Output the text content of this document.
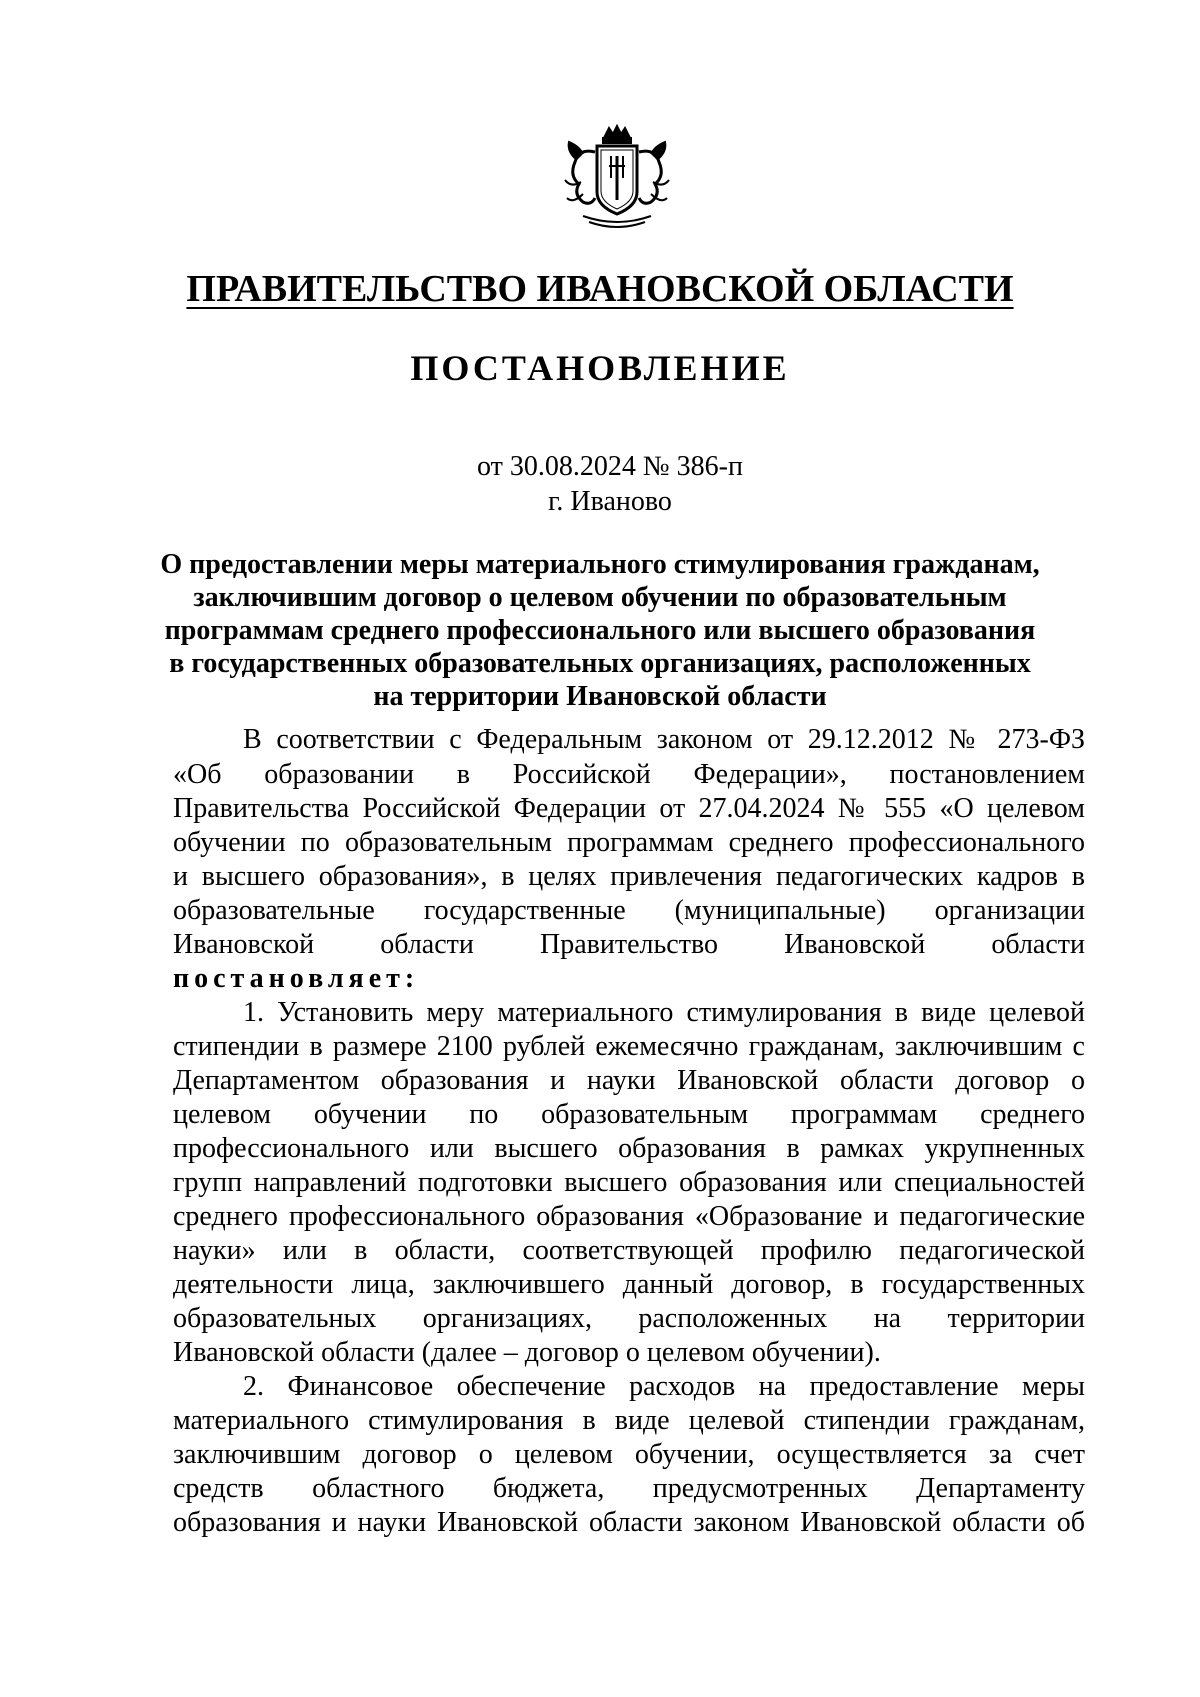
ПРАВИТЕЛЬСТВО ИВАНОВСКОЙ ОБЛАСТИ
ПОСТАНОВЛЕНИЕ
от 30.08.2024 № 386-п
г. Иваново
О предоставлении меры материального стимулирования гражданам,
заключившим договор о целевом обучении по образовательным
программам среднего профессионального или высшего образования
в государственных образовательных организациях, расположенных
на территории Ивановской области
В соответствии с Федеральным законом от 29.12.2012 № 273-ФЗ
«Об образовании в Российской Федерации», постановлением
Правительства Российской Федерации от 27.04.2024 № 555 «О целевом
обучении по образовательным программам среднего профессионального
и высшего образования», в целях привлечения педагогических кадров в
образовательные государственные (муниципальные) организации
Ивановской области Правительство Ивановской области
постановляет:
1. Установить меру материального стимулирования в виде целевой
стипендии в размере 2100 рублей ежемесячно гражданам, заключившим с
Департаментом образования и науки Ивановской области договор о
целевом обучении по образовательным программам среднего
профессионального или высшего образования в рамках укрупненных
групп направлений подготовки высшего образования или специальностей
среднего профессионального образования «Образование и педагогические
науки» или в области, соответствующей профилю педагогической
деятельности лица, заключившего данный договор, в государственных
образовательных организациях, расположенных на территории
Ивановской области (далее – договор о целевом обучении).
2. Финансовое обеспечение расходов на предоставление меры
материального стимулирования в виде целевой стипендии гражданам,
заключившим договор о целевом обучении, осуществляется за счет
средств областного бюджета, предусмотренных Департаменту
образования и науки Ивановской области законом Ивановской области об
